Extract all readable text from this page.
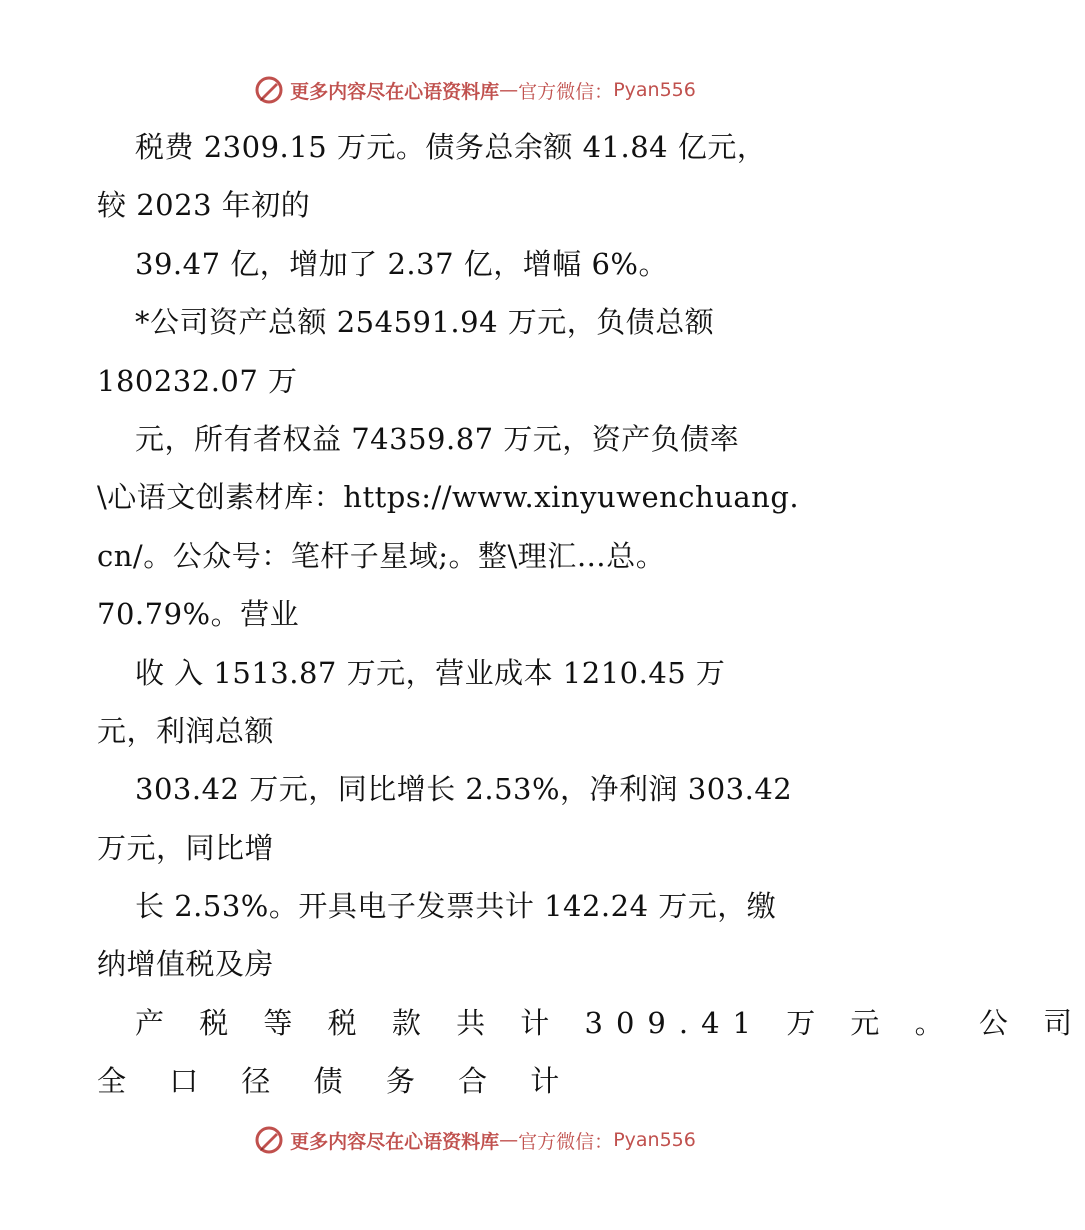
更多内容尽在心语资料库 — 官方微信： Pyan556
税费 2309.15 万元。债务总余额 41.84 亿元，
较 2023 年初的
39.47 亿，增加了 2.37 亿，增幅 6%。
*公司资产总额 254591.94 万元，负债总额
180232.07 万
元，所有者权益 74359.87 万元，资产负债率
\心语文创素材库：https://www.xinyuwenchuang.
cn/。公众号：笔杆子星域;。整\理汇…总。
70.79%。营业
收 入 1513.87 万元，营业成本 1210.45 万
元，利润总额
303.42 万元，同比增长 2.53%，净利润 303.42
万元，同比增
长 2.53%。开具电子发票共计 142.24 万元，缴
纳增值税及房
产 税 等 税 款 共 计 309.41 万 元 。 公 司
全 口 径 债 务 合 计
更多内容尽在心语资料库 — 官方微信： Pyan556
